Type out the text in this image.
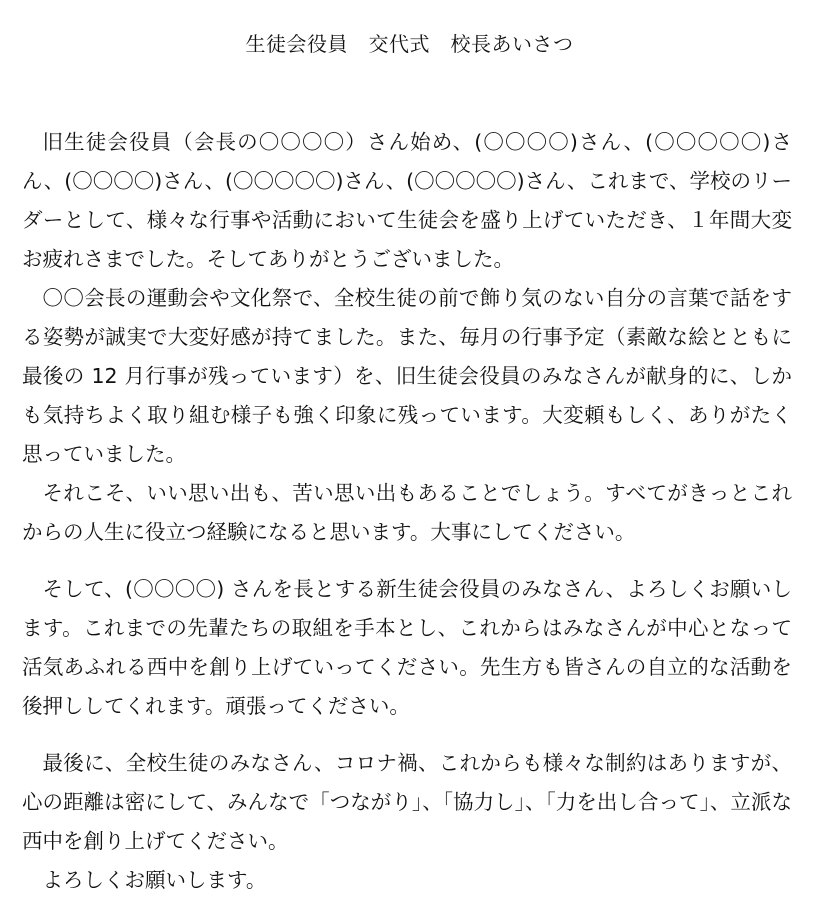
生徒会役員　交代式　校長あいさつ

旧生徒会役員（会長の〇〇〇〇）さん始め、(〇〇〇〇)さん、(〇〇〇〇〇)さん、(〇〇〇〇)さん、(〇〇〇〇〇)さん、(〇〇〇〇〇)さん、これまで、学校のリーダーとして、様々な行事や活動において生徒会を盛り上げていただき、１年間大変お疲れさまでした。そしてありがとうございました。

〇〇会長の運動会や文化祭で、全校生徒の前で飾り気のない自分の言葉で話をする姿勢が誠実で大変好感が持てました。また、毎月の行事予定（素敵な絵とともに最後の 12 月行事が残っています）を、旧生徒会役員のみなさんが献身的に、しかも気持ちよく取り組む様子も強く印象に残っています。大変頼もしく、ありがたく思っていました。

それこそ、いい思い出も、苦い思い出もあることでしょう。すべてがきっとこれからの人生に役立つ経験になると思います。大事にしてください。

そして、(〇〇〇〇) さんを長とする新生徒会役員のみなさん、よろしくお願いします。これまでの先輩たちの取組を手本とし、これからはみなさんが中心となって活気あふれる西中を創り上げていってください。先生方も皆さんの自立的な活動を後押ししてくれます。頑張ってください。

最後に、全校生徒のみなさん、コロナ禍、これからも様々な制約はありますが、心の距離は密にして、みんなで「つながり」、「協力し」、「力を出し合って」、立派な西中を創り上げてください。

よろしくお願いします。
